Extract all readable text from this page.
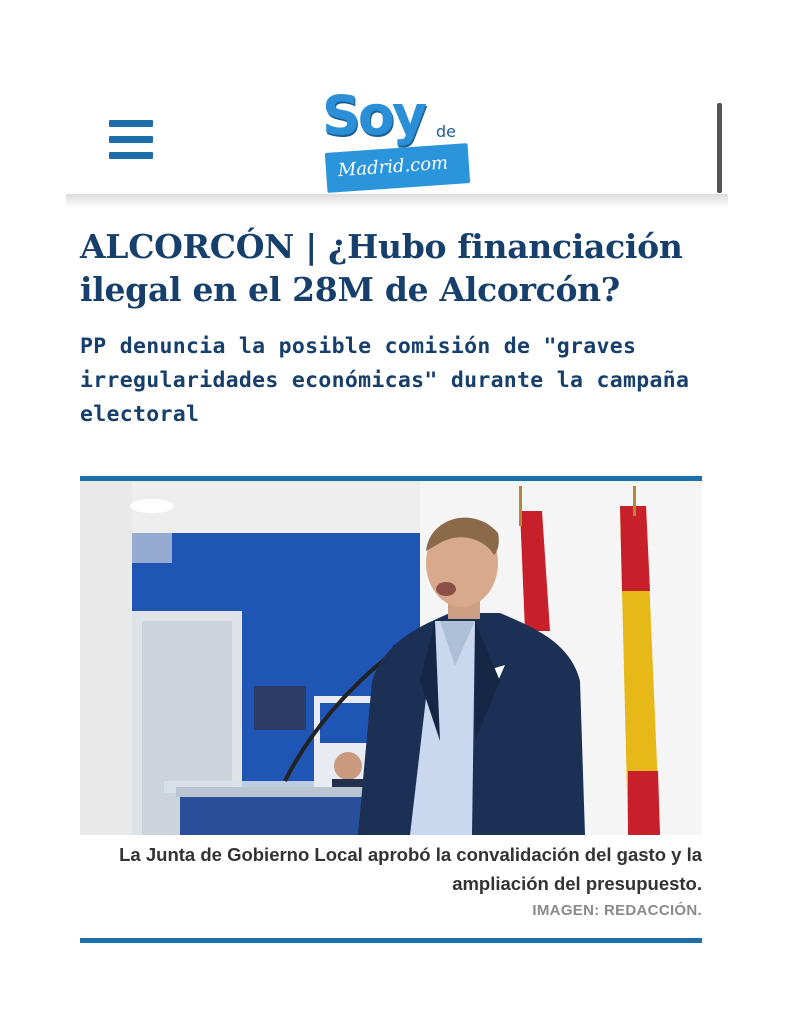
Soy de
Madrid.com
ALCORCÓN | ¿Hubo financiación ilegal en el 28M de Alcorcón?
PP denuncia la posible comisión de "graves irregularidades económicas" durante la campaña electoral
La Junta de Gobierno Local aprobó la convalidación del gasto y la ampliación del presupuesto.
IMAGEN: REDACCIÓN.
